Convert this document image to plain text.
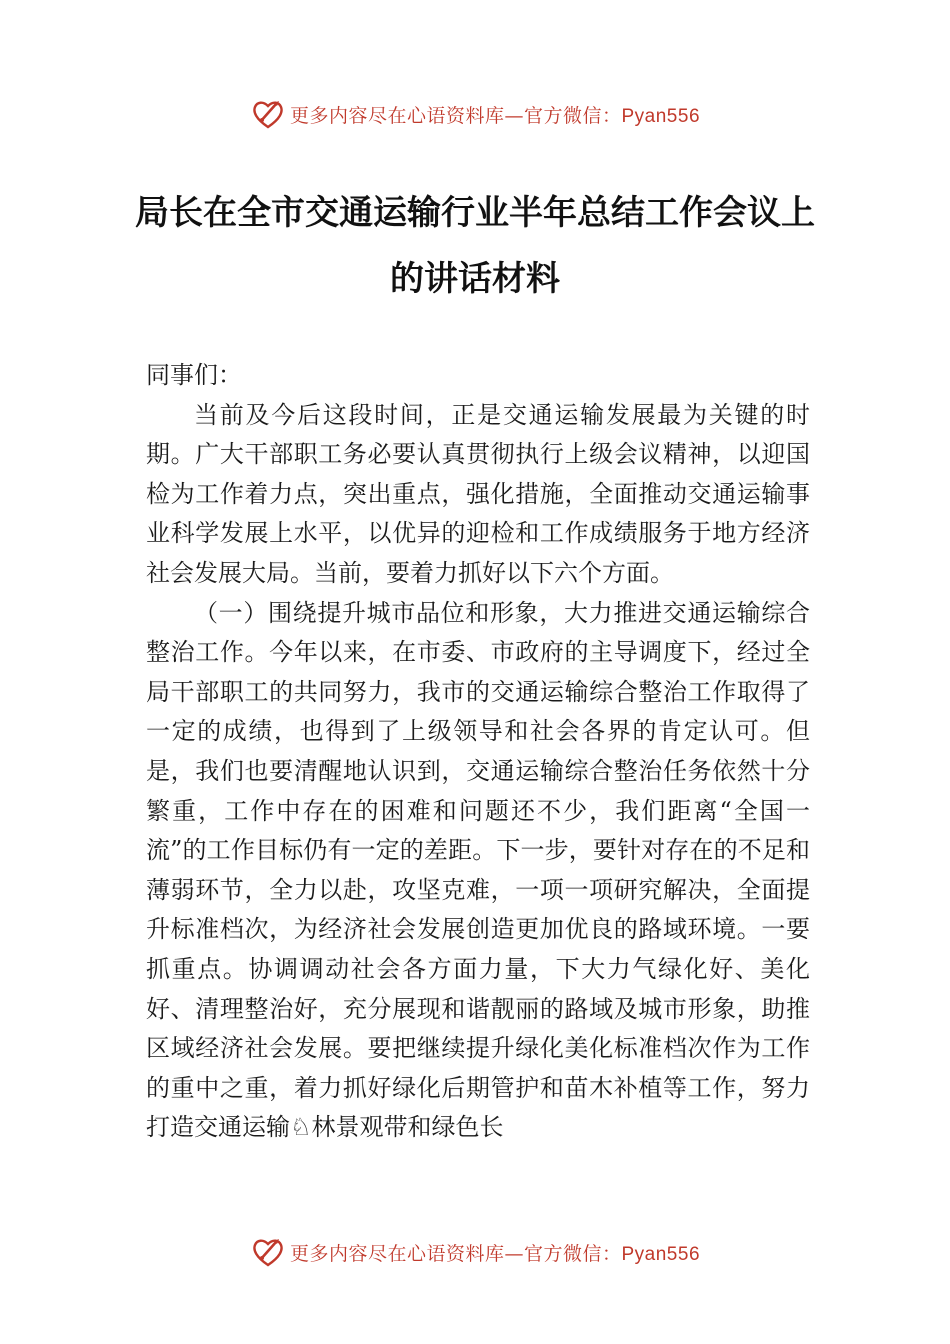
更多内容尽在心语资料库—官方微信：Pyan556
局长在全市交通运输行业半年总结工作会议上的讲话材料

同事们：

当前及今后这段时间，正是交通运输发展最为关键的时期。广大干部职工务必要认真贯彻执行上级会议精神，以迎国检为工作着力点，突出重点，强化措施，全面推动交通运输事业科学发展上水平，以优异的迎检和工作成绩服务于地方经济社会发展大局。当前，要着力抓好以下六个方面。

（一）围绕提升城市品位和形象，大力推进交通运输综合整治工作。今年以来，在市委、市政府的主导调度下，经过全局干部职工的共同努力，我市的交通运输综合整治工作取得了一定的成绩，也得到了上级领导和社会各界的肯定认可。但是，我们也要清醒地认识到，交通运输综合整治任务依然十分繁重，工作中存在的困难和问题还不少，我们距离“全国一流”的工作目标仍有一定的差距。下一步，要针对存在的不足和薄弱环节，全力以赴，攻坚克难，一项一项研究解决，全面提升标准档次，为经济社会发展创造更加优良的路域环境。一要抓重点。协调调动社会各方面力量，下大力气绿化好、美化好、清理整治好，充分展现和谐靓丽的路域及城市形象，助推区域经济社会发展。要把继续提升绿化美化标准档次作为工作的重中之重，着力抓好绿化后期管护和苗木补植等工作，努力打造交通运输♘林景观带和绿色长

更多内容尽在心语资料库—官方微信：Pyan556
